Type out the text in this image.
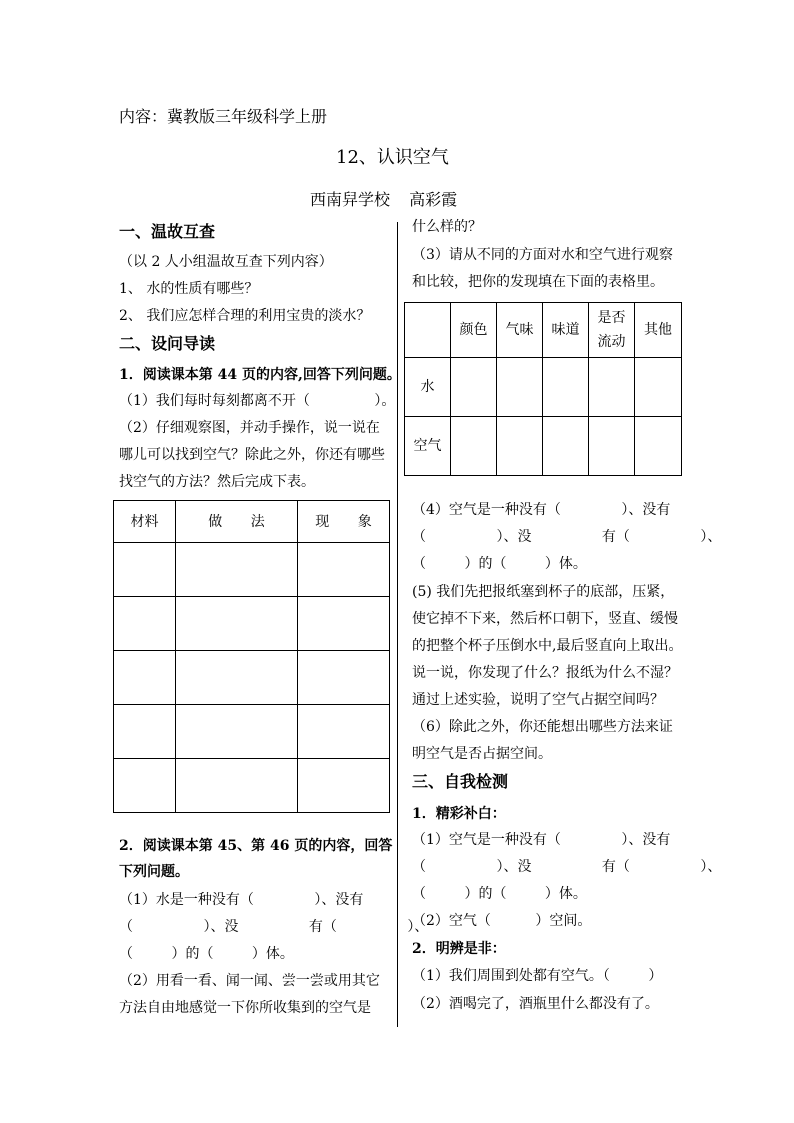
内容：冀教版三年级科学上册
12、认识空气
西南舁学校 高彩霞
一、温故互查
（以 2 人小组温故互查下列内容）
1、 水的性质有哪些？
2、 我们应怎样合理的利用宝贵的淡水？
二、设问导读
1．阅读课本第 44 页的内容,回答下列问题。
（1）我们每时每刻都离不开（ ）。
（2）仔细观察图，并动手操作，说一说在
哪儿可以找到空气？除此之外，你还有哪些
找空气的方法？然后完成下表。
材料	做 法	现 象

2．阅读课本第 45、第 46 页的内容，回答
下列问题。
（1）水是一种没有（ ）、没有
（ ）、没 有（ ）、
（ ）的（ ）体。
（2）用看一看、闻一闻、尝一尝或用其它
方法自由地感觉一下你所收集到的空气是
什么样的？
（3）请从不同的方面对水和空气进行观察
和比较，把你的发现填在下面的表格里。
	颜色	气味	味道	是否流动	其他
水					
空气					
（4）空气是一种没有（ ）、没有
（ ）、没 有（ ）、
（ ）的（ ）体。
(5) 我们先把报纸塞到杯子的底部，压紧，
使它掉不下来，然后杯口朝下，竖直、缓慢
的把整个杯子压倒水中,最后竖直向上取出。
说一说，你发现了什么？报纸为什么不湿？
通过上述实验，说明了空气占据空间吗？
（6）除此之外，你还能想出哪些方法来证
明空气是否占据空间。
三、自我检测
1．精彩补白：
（1）空气是一种没有（ ）、没有
（ ）、没 有（ ）、
（ ）的（ ）体。
（2）空气（ ）空间。
2．明辨是非：
（1）我们周围到处都有空气。（ ）
（2）酒喝完了，酒瓶里什么都没有了。
